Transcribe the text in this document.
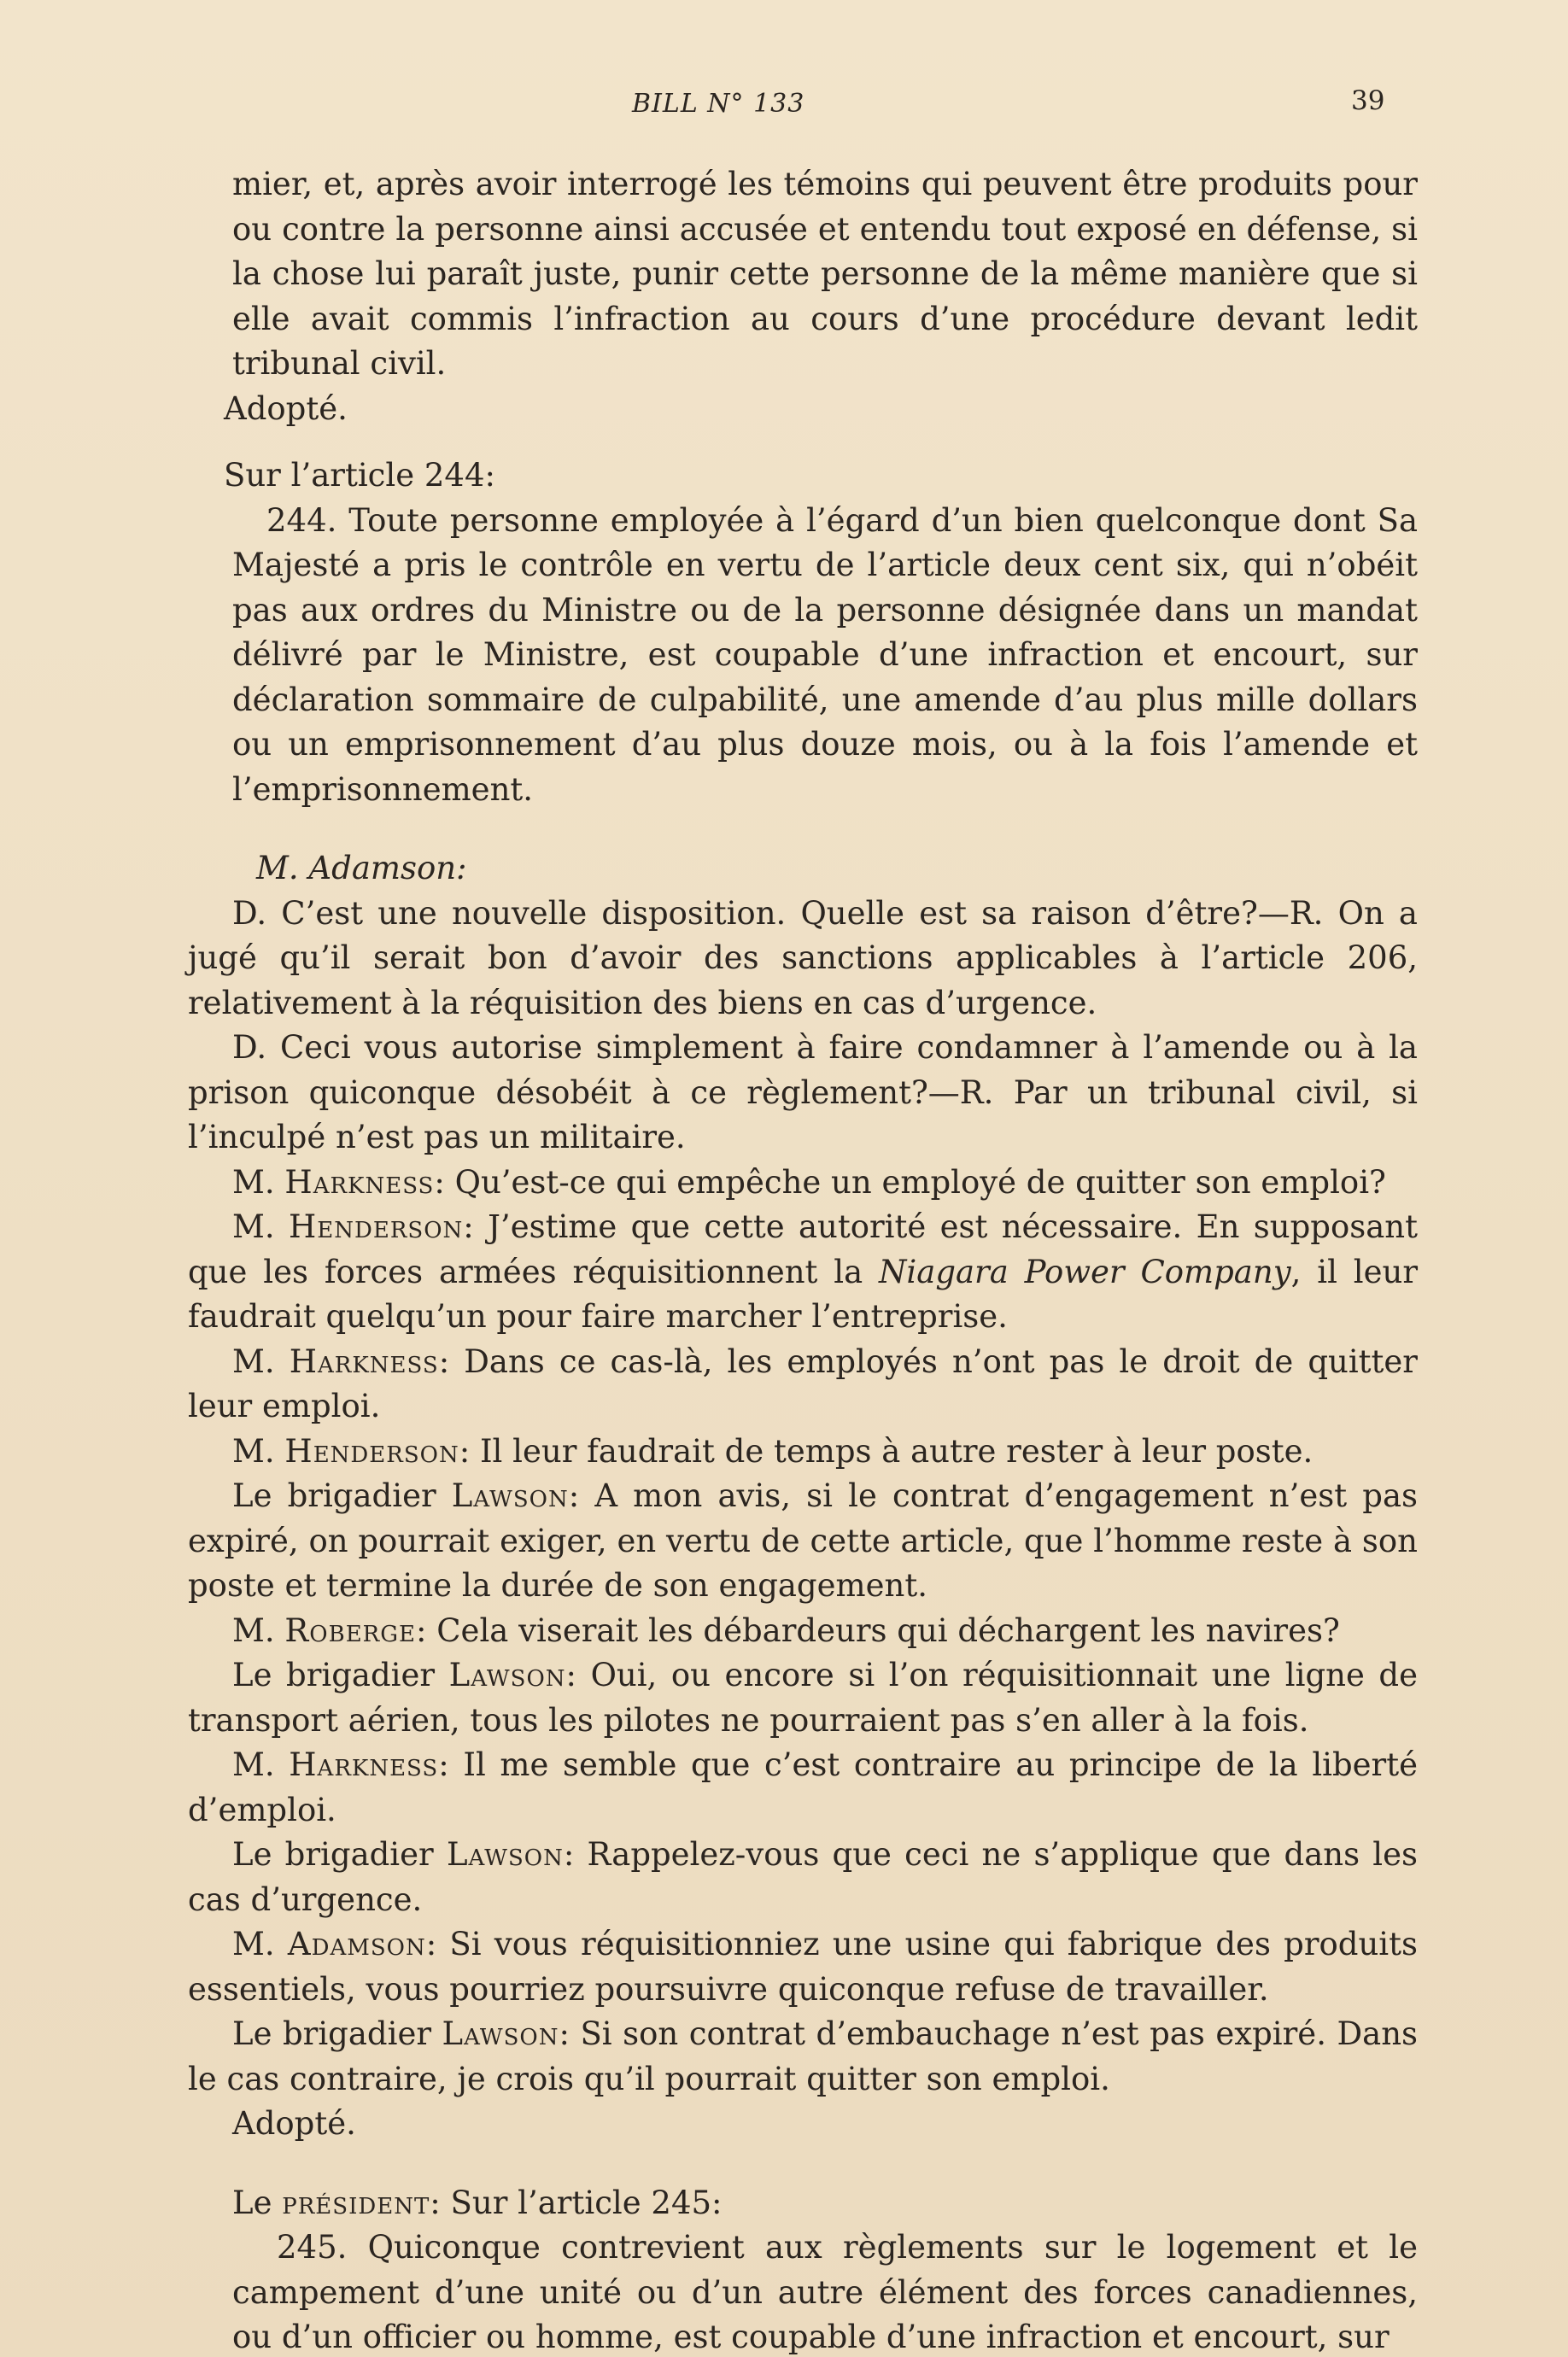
BILL N° 133	39

mier, et, après avoir interrogé les témoins qui peuvent être produits pour ou contre la personne ainsi accusée et entendu tout exposé en défense, si la chose lui paraît juste, punir cette personne de la même manière que si elle avait commis l’infraction au cours d’une procédure devant ledit tribunal civil.

Adopté.

Sur l’article 244:

244. Toute personne employée à l’égard d’un bien quelconque dont Sa Majesté a pris le contrôle en vertu de l’article deux cent six, qui n’obéit pas aux ordres du Ministre ou de la personne désignée dans un mandat délivré par le Ministre, est coupable d’une infraction et encourt, sur déclaration sommaire de culpabilité, une amende d’au plus mille dollars ou un emprisonnement d’au plus douze mois, ou à la fois l’amende et l’emprisonnement.

M. Adamson:

D. C’est une nouvelle disposition. Quelle est sa raison d’être?—R. On a jugé qu’il serait bon d’avoir des sanctions applicables à l’article 206, relativement à la réquisition des biens en cas d’urgence.

D. Ceci vous autorise simplement à faire condamner à l’amende ou à la prison quiconque désobéit à ce règlement?—R. Par un tribunal civil, si l’inculpé n’est pas un militaire.

M. Harkness: Qu’est-ce qui empêche un employé de quitter son emploi?

M. Henderson: J’estime que cette autorité est nécessaire. En supposant que les forces armées réquisitionnent la Niagara Power Company, il leur faudrait quelqu’un pour faire marcher l’entreprise.

M. Harkness: Dans ce cas-là, les employés n’ont pas le droit de quitter leur emploi.

M. Henderson: Il leur faudrait de temps à autre rester à leur poste.

Le brigadier Lawson: A mon avis, si le contrat d’engagement n’est pas expiré, on pourrait exiger, en vertu de cette article, que l’homme reste à son poste et termine la durée de son engagement.

M. Roberge: Cela viserait les débardeurs qui déchargent les navires?

Le brigadier Lawson: Oui, ou encore si l’on réquisitionnait une ligne de transport aérien, tous les pilotes ne pourraient pas s’en aller à la fois.

M. Harkness: Il me semble que c’est contraire au principe de la liberté d’emploi.

Le brigadier Lawson: Rappelez-vous que ceci ne s’applique que dans les cas d’urgence.

M. Adamson: Si vous réquisitionniez une usine qui fabrique des produits essentiels, vous pourriez poursuivre quiconque refuse de travailler.

Le brigadier Lawson: Si son contrat d’embauchage n’est pas expiré. Dans le cas contraire, je crois qu’il pourrait quitter son emploi.

Adopté.

Le président: Sur l’article 245:

245. Quiconque contrevient aux règlements sur le logement et le campement d’une unité ou d’un autre élément des forces canadiennes, ou d’un officier ou homme, est coupable d’une infraction et encourt, sur
